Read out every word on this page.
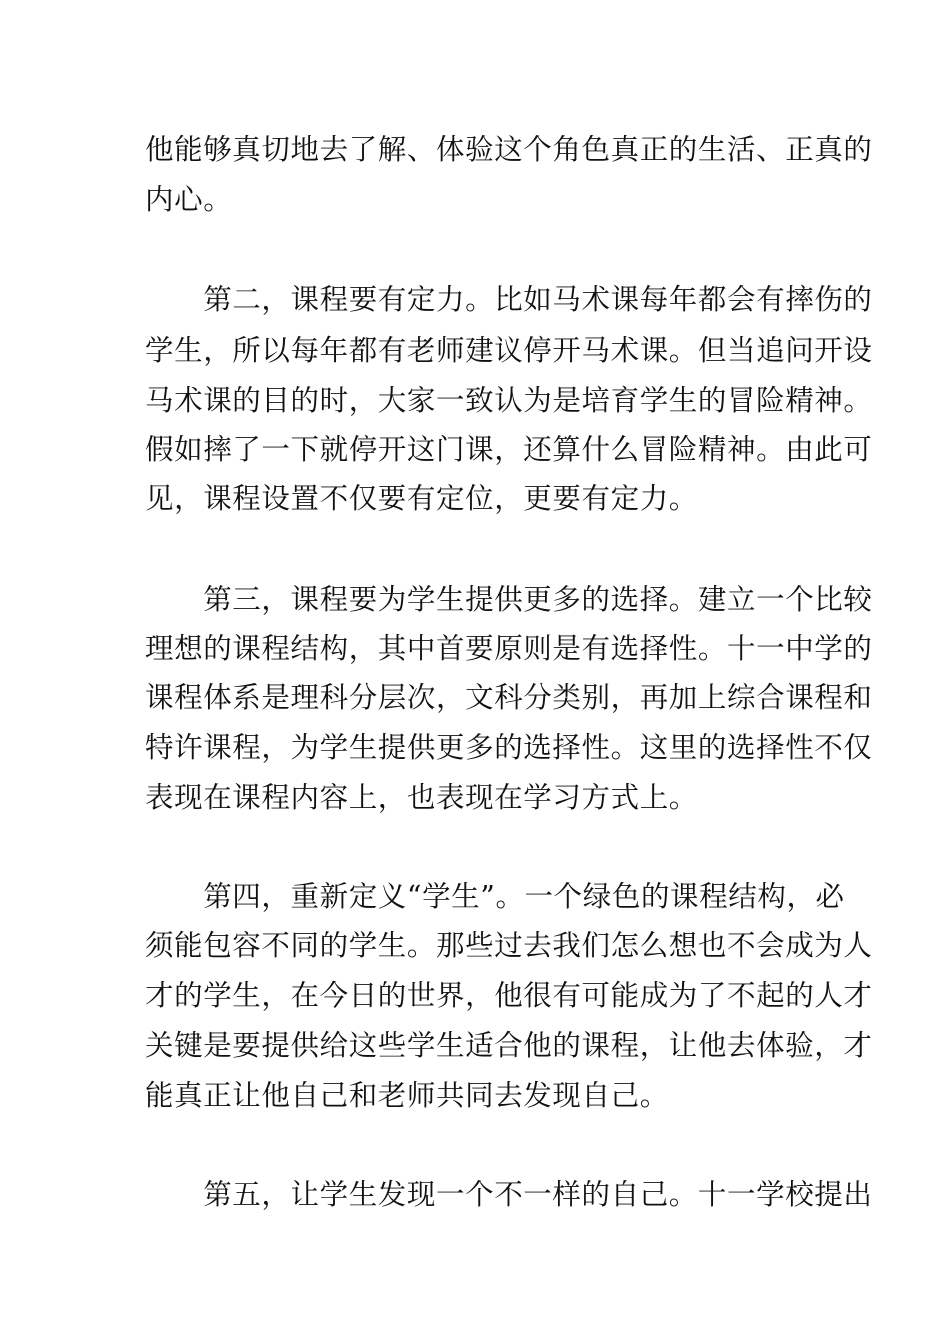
他能够真切地去了解、体验这个角色真正的生活、正真的
内心。
　　第二，课程要有定力。比如马术课每年都会有摔伤的
学生，所以每年都有老师建议停开马术课。但当追问开设
马术课的目的时，大家一致认为是培育学生的冒险精神。
假如摔了一下就停开这门课，还算什么冒险精神。由此可
见，课程设置不仅要有定位，更要有定力。
　　第三，课程要为学生提供更多的选择。建立一个比较
理想的课程结构，其中首要原则是有选择性。十一中学的
课程体系是理科分层次，文科分类别，再加上综合课程和
特许课程，为学生提供更多的选择性。这里的选择性不仅
表现在课程内容上，也表现在学习方式上。
　　第四，重新定义“学生”。一个绿色的课程结构，必
须能包容不同的学生。那些过去我们怎么想也不会成为人
才的学生，在今日的世界，他很有可能成为了不起的人才
关键是要提供给这些学生适合他的课程，让他去体验，才
能真正让他自己和老师共同去发现自己。
　　第五，让学生发现一个不一样的自己。十一学校提出
